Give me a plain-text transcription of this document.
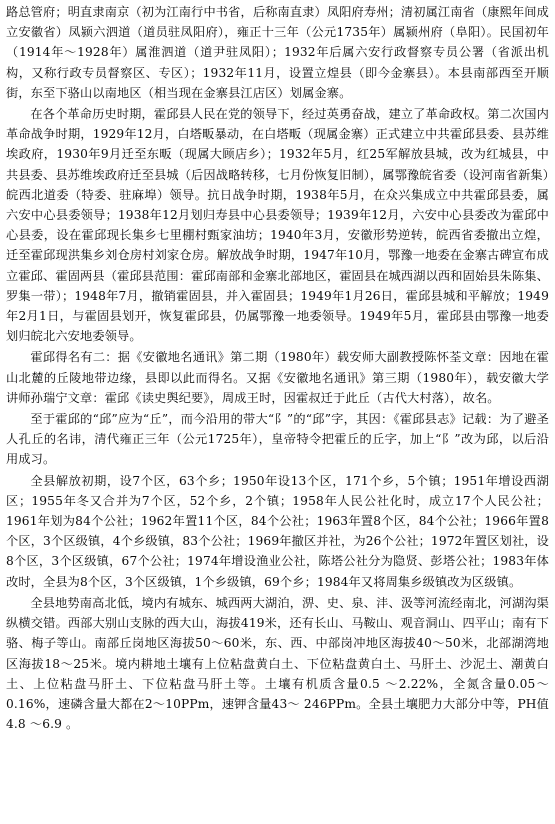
路总管府；明直隶南京（初为江南行中书省，后称南直隶）凤阳府寿州；清初属江南省（康熙年间成立安徽省）凤颍六泗道（道员驻凤阳府），雍正十三年（公元1735年）属颍州府（阜阳）。民国初年（1914年～1928年）属淮泗道（道尹驻凤阳）；1932年后属六安行政督察专员公署（省派出机构，又称行政专员督察区、专区）；1932年11月，设置立煌县（即今金寨县）。本县南部西至开顺街，东至下骆山以南地区（相当现在金寨县江店区）划属金寨。

在各个革命历史时期，霍邱县人民在党的领导下，经过英勇奋战，建立了革命政权。第二次国内革命战争时期，1929年12月，白塔畈暴动，在白塔畈（现属金寨）正式建立中共霍邱县委、县苏维埃政府，1930年9月迁至东畈（现属大顾店乡）；1932年5月，红25军解放县城，改为红城县，中共县委、县苏维埃政府迁至县城（后因战略转移，七月份恢复旧制），属鄂豫皖省委（设河南省新集）皖西北道委（特委、驻麻埠）领导。抗日战争时期，1938年5月，在众兴集成立中共霍邱县委，属六安中心县委领导；1938年12月划归寿县中心县委领导；1939年12月，六安中心县委改为霍邱中心县委，设在霍邱现长集乡七里棚村甄家油坊；1940年3月，安徽形势逆转，皖西省委撤出立煌，迁至霍邱现洪集乡刘仓房村刘家仓房。解放战争时期，1947年10月，鄂豫一地委在金寨古碑宣布成立霍邱、霍固两县（霍邱县范围：霍邱南部和金寨北部地区，霍固县在城西湖以西和固始县朱陈集、罗集一带）；1948年7月，撤销霍固县，并入霍固县；1949年1月26日，霍邱县城和平解放；1949年2月1日，与霍固县划开，恢复霍邱县，仍属鄂豫一地委领导。1949年5月，霍邱县由鄂豫一地委划归皖北六安地委领导。

霍邱得名有二：据《安徽地名通讯》第二期（1980年）载安师大副教授陈怀荃文章：因地在霍山北麓的丘陵地带边缘，县即以此而得名。又据《安徽地名通讯》第三期（1980年），载安徽大学讲师孙瑞宁文章：霍邱《读史舆纪要》，周成王时，因霍叔迁于此丘（古代大村落），故名。

至于霍邱的“邱”应为“丘”，而今沿用的带大“阝”的“邱”字，其因：《霍邱县志》记载：为了避圣人孔丘的名讳，清代雍正三年（公元1725年），皇帝特令把霍丘的丘字，加上“阝”改为邱，以后沿用成习。

全县解放初期，设7个区，63个乡；1950年设13个区，171个乡，5个镇；1951年增设西湖区；1955年冬又合并为7个区，52个乡，2个镇；1958年人民公社化时，成立17个人民公社；1961年划为84个公社；1962年置11个区，84个公社；1963年置8个区，84个公社；1966年置8个区，3个区级镇，4个乡级镇，83个公社；1969年撤区并社，为26个公社；1972年置区划社，设8个区，3个区级镇，67个公社；1974年增设渔业公社，陈塔公社分为隐贤、彭塔公社；1983年体改时，全县为8个区，3个区级镇，1个乡级镇，69个乡；1984年又将周集乡级镇改为区级镇。

全县地势南高北低，境内有城东、城西两大湖泊，淠、史、泉、沣、汲等河流经南北，河湖沟渠纵横交错。西部大别山支脉的西大山，海拔419米，还有长山、马鞍山、观音洞山、四平山；南有下骆、梅子等山。南部丘岗地区海拔50～60米，东、西、中部岗冲地区海拔40～50米，北部湖湾地区海拔18～25米。境内耕地土壤有上位粘盘黄白土、下位粘盘黄白土、马肝土、沙泥土、潮黄白土、上位粘盘马肝土、下位粘盘马肝土等。土壤有机质含量0.5 ～2.22%，全氮含量0.05～0.16%，速磷含量大都在2～10PPm，速钾含量43～ 246PPm。全县土壤肥力大部分中等，PH值4.8 ～6.9 。
